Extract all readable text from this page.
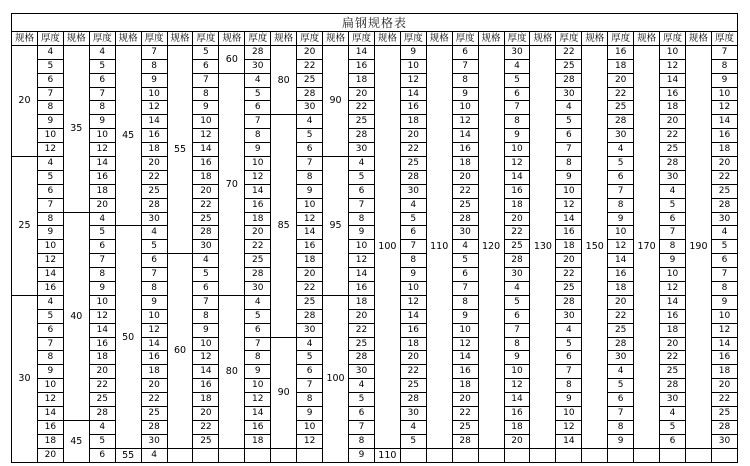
扁钢规格表
规格	厚度	规格	厚度	规格	厚度	规格	厚度	规格	厚度	规格	厚度	规格	厚度	规格	厚度	规格	厚度	规格	厚度	规格	厚度	规格	厚度	规格	厚度	规格	厚度
20	4	35	4	45	7	55	5	60	28	80	20	90	14	100	9	110	6	120	30	130	22	150	16	170	10	190	7
	5		5		8		6		30		22		16		10		7		4		25		18		12		8
	6		6		9		7	70	4		25		18		12		8		5		28		20		14		9
	7		7		10		8		5		28		20		14		9		6		30		22		16		10
	8		8		12		9		6		30		22		16		10		7		4		25		18		12
	9		9		14		10		7	85	4		25		18		12		8		5		28		20		14
	10		10		16		12		8		5		28		20		14		9		6		30		22		16
	12		12		18		14		9		6		30		22		16		10		7		4		25		18
25	4		14		20		16		10		7	95	4		25		18		12		8		5		28		20
	5		16		22		18		12		8		5		28		20		14		9		6		30		22
	6		18		25		20		14		9		6		30		22		16		10		7		4		25
	7		20		28		22		16		10		7		4		25		18		12		8		5		28
	8	40	4		30		25		18		12		8		5		28		20		14		9		6		30
	9		5	50	4		28		20		14		9		6		30		22		16		10		7		4
	10		6		5		30		22		16		10		7		4		25		18		12		8		5
	12		7		6	60	4		25		18		12		8		5		28		20		14		9		6
	14		8		7		5		28		20		14		9		6		30		22		16		10		7
	16		9		8		6		30		22		16		10		7		4		25		18		12		8
30	4		10		9		7	80	4		25	100	18		12		8		5		28		20		14		9
	5		12		10		8		5		28		20		14		9		6		30		22		16		10
	6		14		12		9		6		30		22		16		10		7		4		25		18		12
	7		16		14		10		7	90	4		25		18		12		8		5		28		20		14
	8		18		16		12		8		5		28		20		14		9		6		30		22		16
	9		20		18		14		9		6		30		22		16		10		7		4		25		18
	10		22		20		16		10		7		4		25		18		12		8		5		28		20
	12		25		22		18		12		8		5		28		20		14		9		6		30		22
	14		28		25		20		14		9		6		30		22		16		10		7		4		25
	16	45	4		28		22		16		10		7		4		25		18		12		8		5		28
	18		5		30		25		18		12		8		5		28		20		14		9		6		30
	20		6	55	4								9	110													
